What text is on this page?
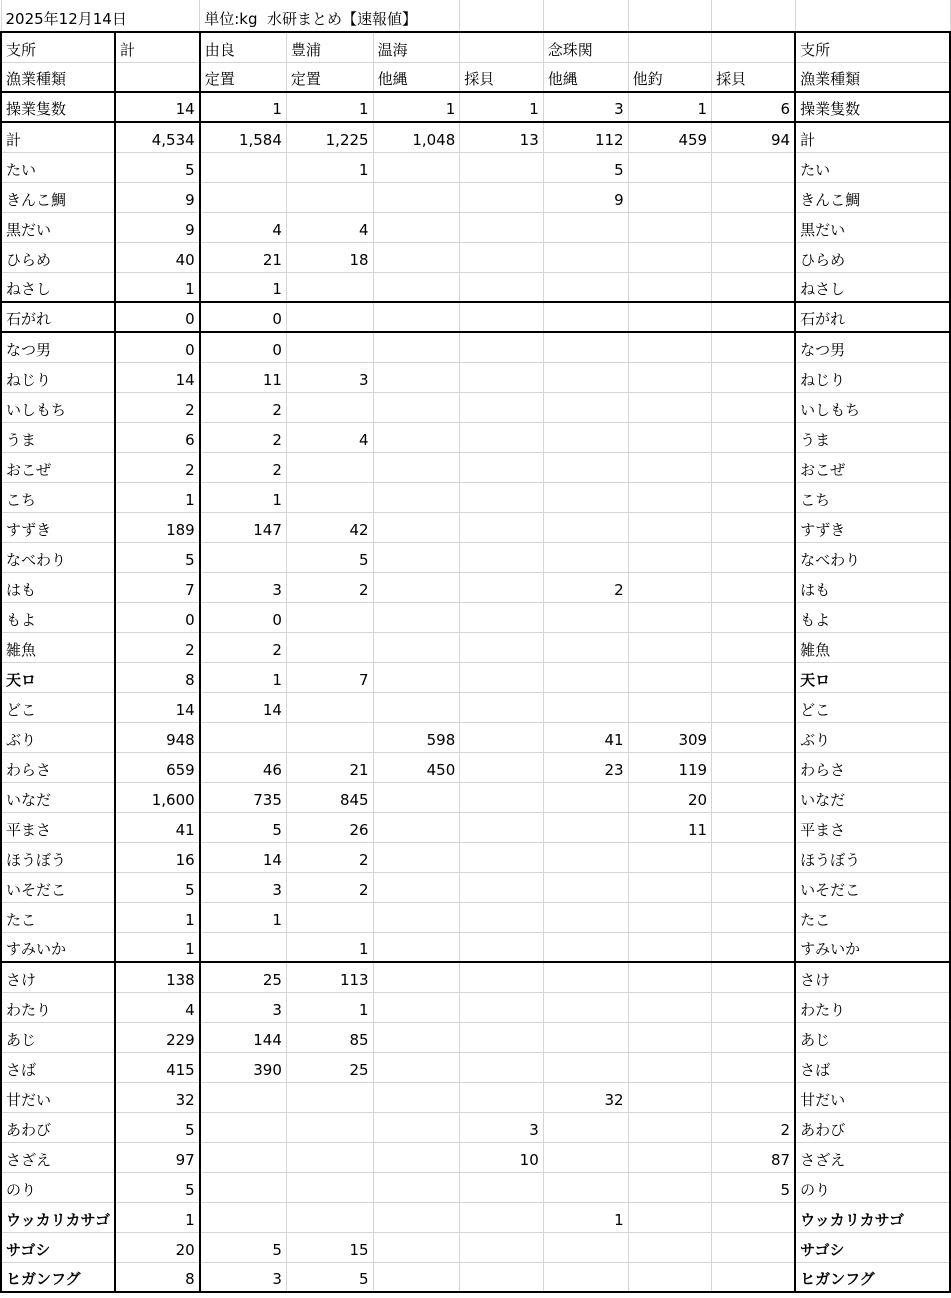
2025年12月14日		単位:kg 水研まとめ【速報値】							
支所	計	由良	豊浦	温海		念珠関			支所
漁業種類		定置	定置	他縄	採貝	他縄	他釣	採貝	漁業種類
操業隻数	14	1	1	1	1	3	1	6	操業隻数
計	4,534	1,584	1,225	1,048	13	112	459	94	計
たい	5		1			5			たい
きんこ鯛	9					9			きんこ鯛
黒だい	9	4	4						黒だい
ひらめ	40	21	18						ひらめ
ねさし	1	1							ねさし
石がれ	0	0							石がれ
なつ男	0	0							なつ男
ねじり	14	11	3						ねじり
いしもち	2	2							いしもち
うま	6	2	4						うま
おこぜ	2	2							おこぜ
こち	1	1							こち
すずき	189	147	42						すずき
なべわり	5		5						なべわり
はも	7	3	2			2			はも
もよ	0	0							もよ
雑魚	2	2							雑魚
天ロ	8	1	7						天ロ
どこ	14	14							どこ
ぶり	948			598		41	309		ぶり
わらさ	659	46	21	450		23	119		わらさ
いなだ	1,600	735	845				20		いなだ
平まさ	41	5	26				11		平まさ
ほうぼう	16	14	2						ほうぼう
いそだこ	5	3	2						いそだこ
たこ	1	1							たこ
すみいか	1		1						すみいか
さけ	138	25	113						さけ
わたり	4	3	1						わたり
あじ	229	144	85						あじ
さば	415	390	25						さば
甘だい	32					32			甘だい
あわび	5				3			2	あわび
さざえ	97				10			87	さざえ
のり	5							5	のり
ウッカリカサゴ	1					1			ウッカリカサゴ
サゴシ	20	5	15						サゴシ
ヒガンフグ	8	3	5						ヒガンフグ
